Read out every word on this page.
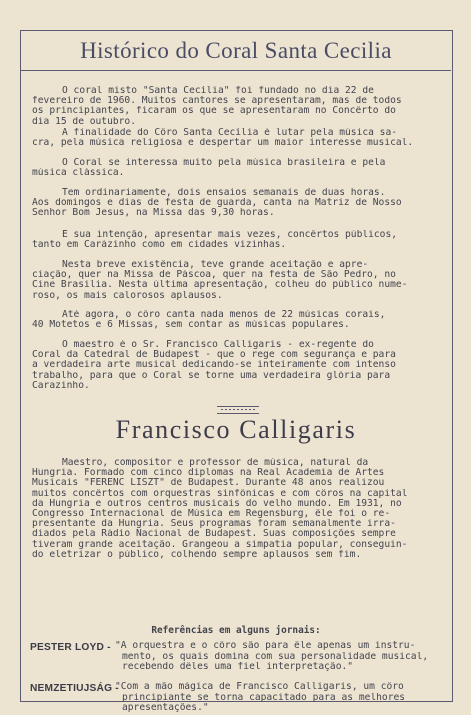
Histórico do Coral Santa Cecilia
O coral misto "Santa Cecília" foi fundado no dia 22 de
fevereiro de 1960. Muitos cantores se apresentaram, mas de todos
os principiantes, ficaram os que se apresentaram no Concêrto do
dia 15 de outubro.
A finalidade do Côro Santa Cecília é lutar pela música sa-
cra, pela música religiosa e despertar um maior interesse musical.
O Coral se interessa muito pela música brasileira e pela
música clássica.
Tem ordinariamente, dois ensaios semanais de duas horas.
Aos domingos e dias de festa de guarda, canta na Matriz de Nosso
Senhor Bom Jesus, na Missa das 9,30 horas.
É sua intenção, apresentar mais vezes, concêrtos públicos,
tanto em Caràzinho como em cidades vizinhas.
Nesta breve existência, teve grande aceitação e apre-
ciação, quer na Missa de Páscoa, quer na festa de São Pedro, no
Cine Brasilia. Nesta última apresentação, colheu do público nume-
roso, os mais calorosos aplausos.
Até agora, o côro canta nada menos de 22 músicas corais,
40 Motetos e 6 Missas, sem contar as músicas populares.
O maestro é o Sr. Francisco Calligaris - ex-regente do
Coral da Catedral de Budapest - que o rege com segurança e para
a verdadeira arte musical dedicando-se inteiramente com intenso
trabalho, para que o Coral se torne uma verdadeira glória para
Carazinho.
Francisco Calligaris
Maestro, compositor e professor de música, natural da
Hungria. Formado com cinco diplomas na Real Academia de Artes
Musicais "FERENC LISZT" de Budapest. Durante 48 anos realizou
muitos concêrtos com orquestras sinfônicas e com côros na capital
da Hungria e outros centros musicais do velho mundo. Em 1931, no
Congresso Internacional de Música em Regensburg, êle foi o re-
presentante da Hungria. Seus programas foram semanalmente irra-
diados pela Rádio Nacional de Budapest. Suas composições sempre
tiveram grande aceitação. Grangeou a simpatia popular, conseguin-
do eletrizar o público, colhendo sempre aplausos sem fim.
Referências em alguns jornais:
PESTER LOYD - "A orquestra e o côro são para êle apenas um instru-
mento, os quais domina com sua personalidade musical,
recebendo dêles uma fiel interpretação."
NEMZETIUJSÁG -
"Com a mão mágica de Francisco Calligaris, um côro
principiante se torna capacitado para as melhores
apresentações."
